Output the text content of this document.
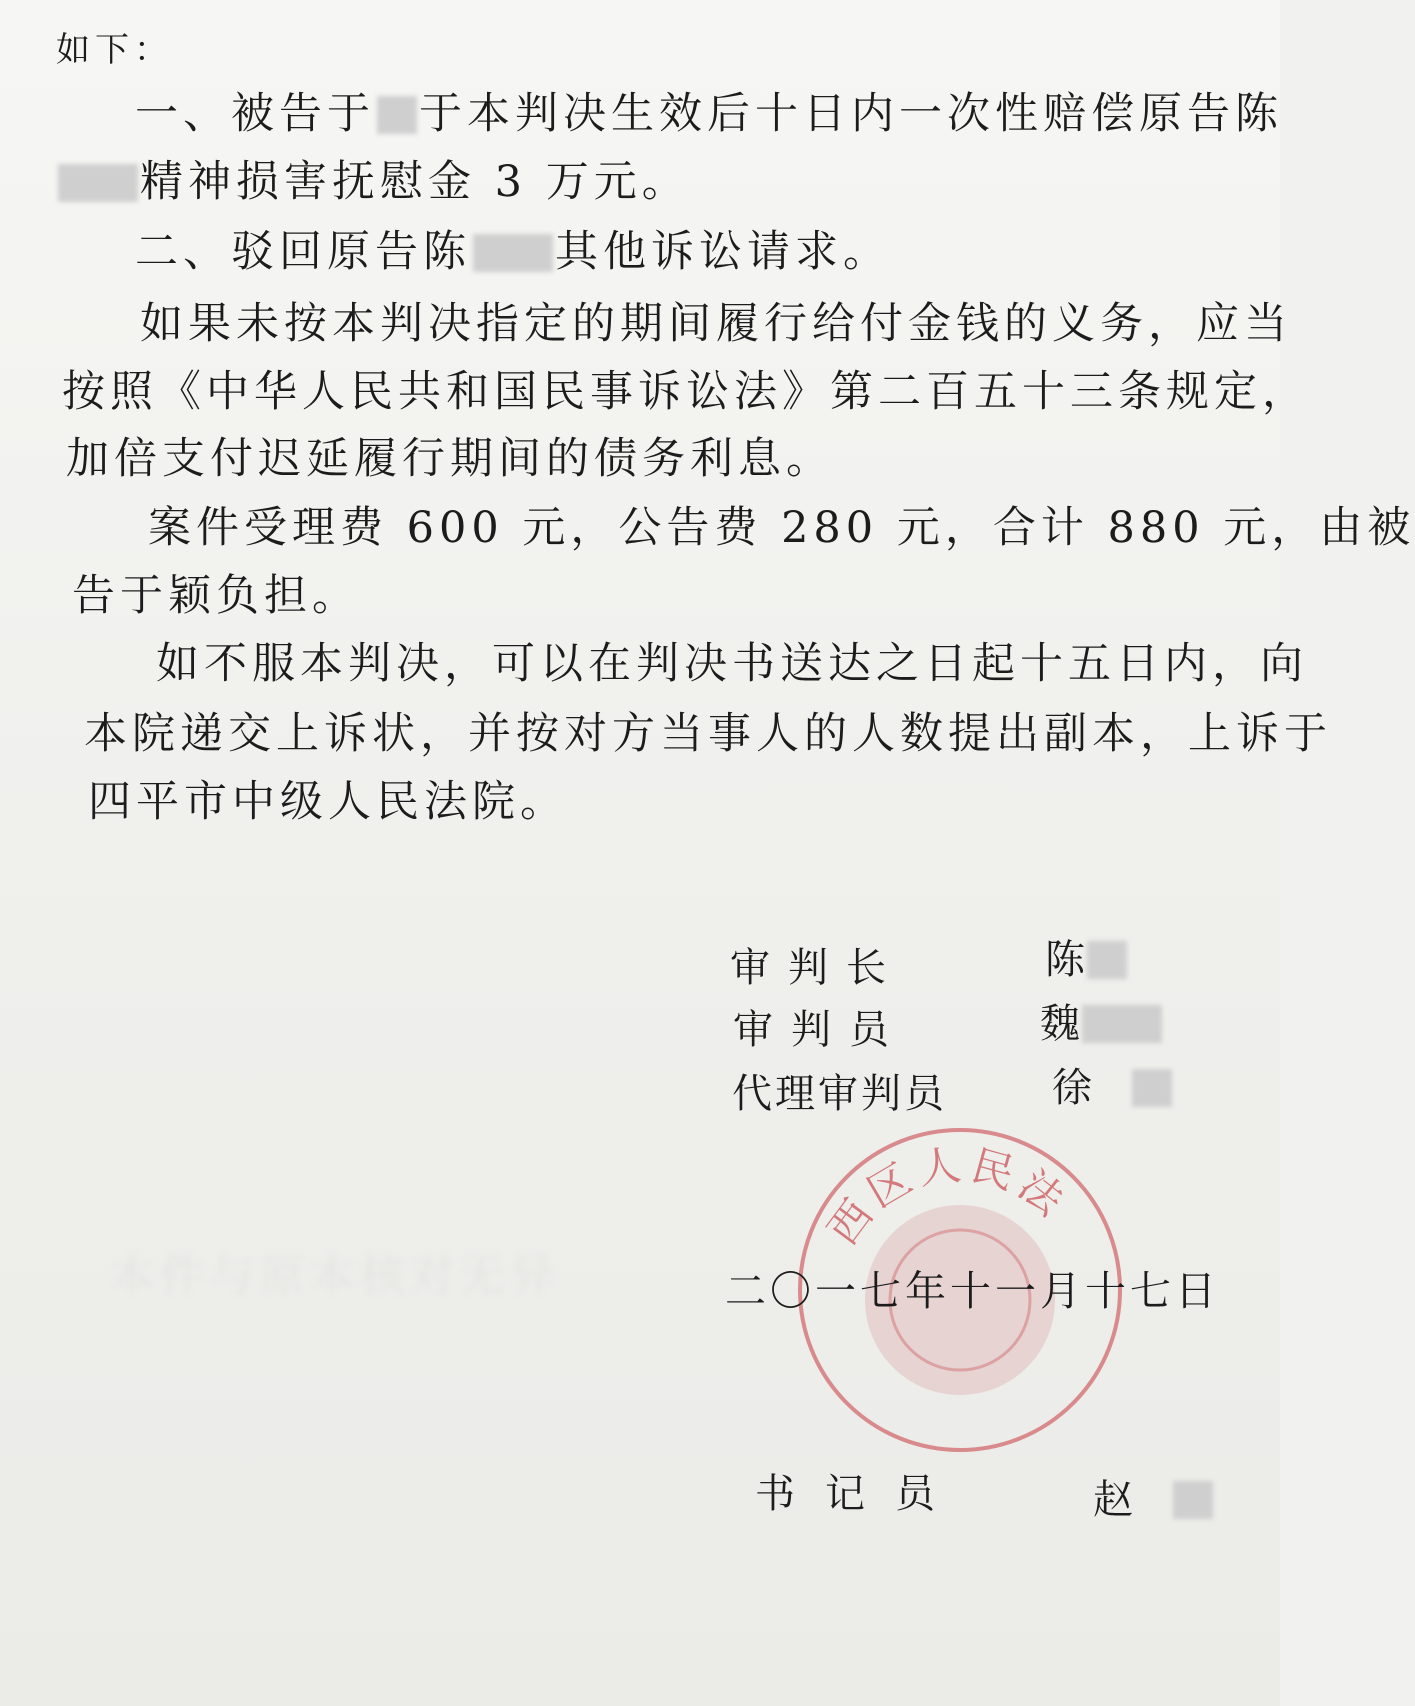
如下：
一、被告于 于本判决生效后十日内一次性赔偿原告陈
精神损害抚慰金 3 万元。
二、驳回原告陈 其他诉讼请求。
如果未按本判决指定的期间履行给付金钱的义务，应当
按照《中华人民共和国民事诉讼法》第二百五十三条规定，
加倍支付迟延履行期间的债务利息。
案件受理费 600 元，公告费 280 元，合计 880 元，由被
告于颖负担。
如不服本判决，可以在判决书送达之日起十五日内，向
本院递交上诉状，并按对方当事人的人数提出副本，上诉于
四平市中级人民法院。
本件与原本核对无异
西区人民法
审判长	陈
审判员	魏
代理审判员	徐
二〇一七年十一月十七日
书记员	赵
